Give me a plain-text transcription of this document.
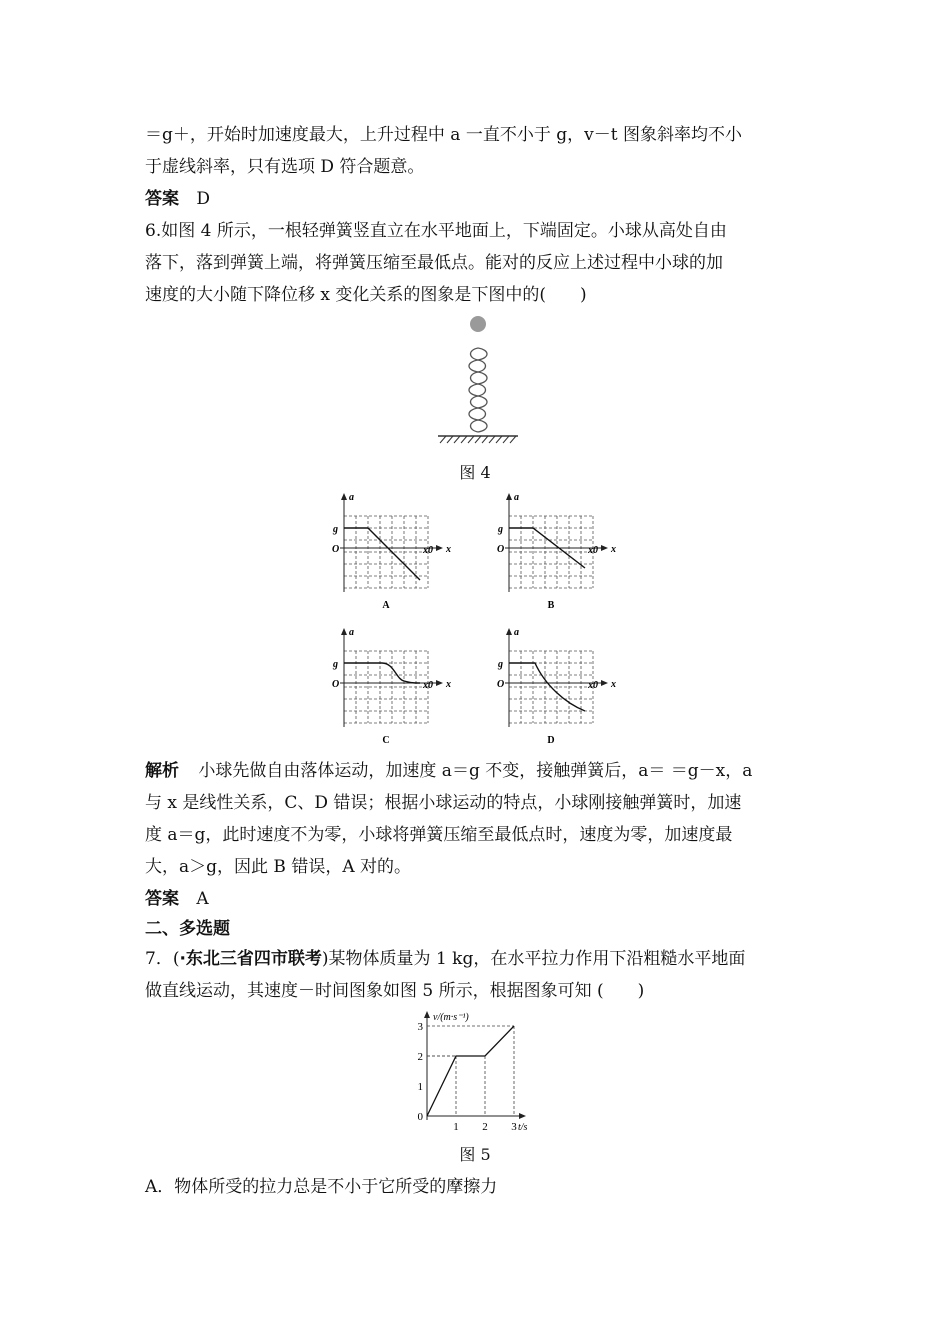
＝g＋，开始时加速度最大，上升过程中 a 一直不小于 g，v－t 图象斜率均不小
于虚线斜率，只有选项 D 符合题意。
答案 D
6.如图 4 所示，一根轻弹簧竖直立在水平地面上，下端固定。小球从高处自由
落下，落到弹簧上端，将弹簧压缩至最低点。能对的反应上述过程中小球的加
速度的大小随下降位移 x 变化关系的图象是下图中的(　　)
图 4
a
g
O	x0 x
A
a
g
O	x0 x
B
a
g
O	x0 x
C
a
g
O	x0 x
D
解析 小球先做自由落体运动，加速度 a＝g 不变，接触弹簧后，a＝ ＝g－x，a
与 x 是线性关系，C、D 错误；根据小球运动的特点，小球刚接触弹簧时，加速
度 a＝g，此时速度不为零，小球将弹簧压缩至最低点时，速度为零，加速度最
大，a＞g，因此 B 错误，A 对的。
答案 A
二、多选题
7．(·东北三省四市联考)某物体质量为 1 kg，在水平拉力作用下沿粗糙水平地面
做直线运动，其速度－时间图象如图 5 所示，根据图象可知 (　　)
0
1
2
3
1 2 3
v/(m·s⁻¹)
t/s
图 5
A．物体所受的拉力总是不小于它所受的摩擦力
